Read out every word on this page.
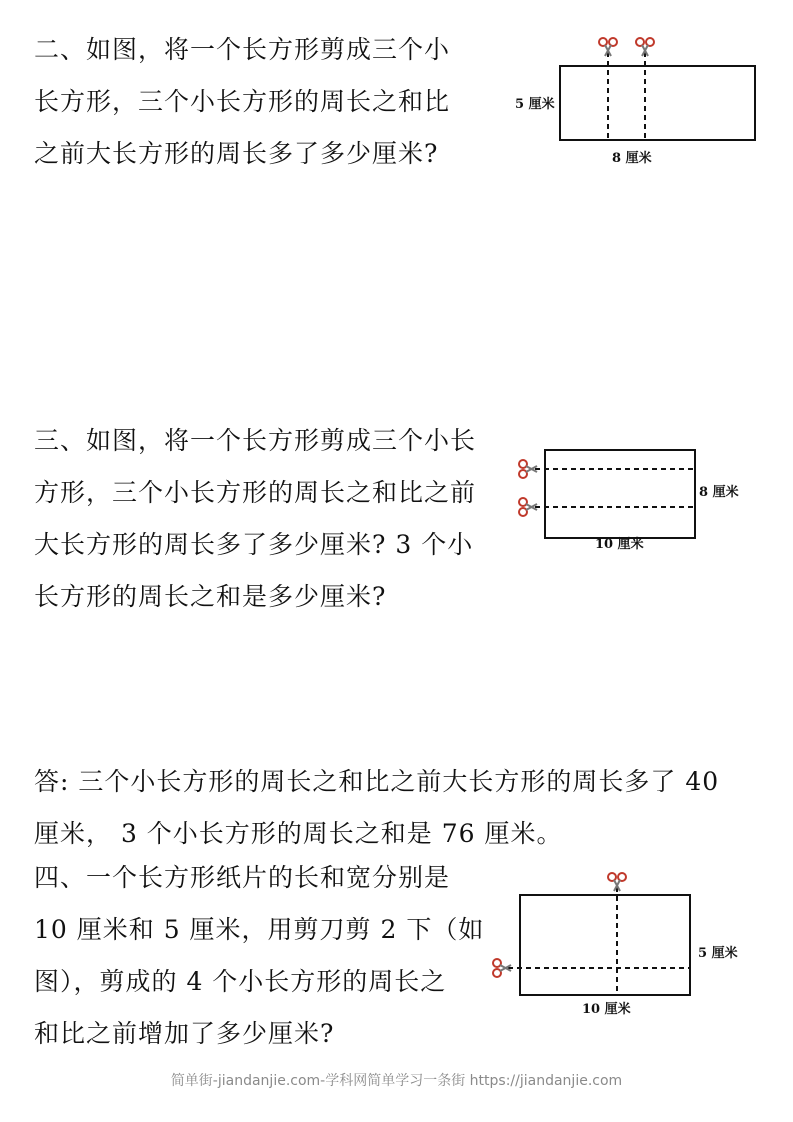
二、如图，将一个长方形剪成三个小
长方形，三个小长方形的周长之和比
之前大长方形的周长多了多少厘米?
5 厘米
8 厘米
三、如图，将一个长方形剪成三个小长
方形，三个小长方形的周长之和比之前
大长方形的周长多了多少厘米? 3 个小
长方形的周长之和是多少厘米?
8 厘米
10 厘米
答: 三个小长方形的周长之和比之前大长方形的周长多了 40
厘米， 3 个小长方形的周长之和是 76 厘米。
四、一个长方形纸片的长和宽分别是
10 厘米和 5 厘米，用剪刀剪 2 下（如
图），剪成的 4 个小长方形的周长之
和比之前增加了多少厘米?
5 厘米
10 厘米
简单街-jiandanjie.com-学科网简单学习一条街 https://jiandanjie.com
